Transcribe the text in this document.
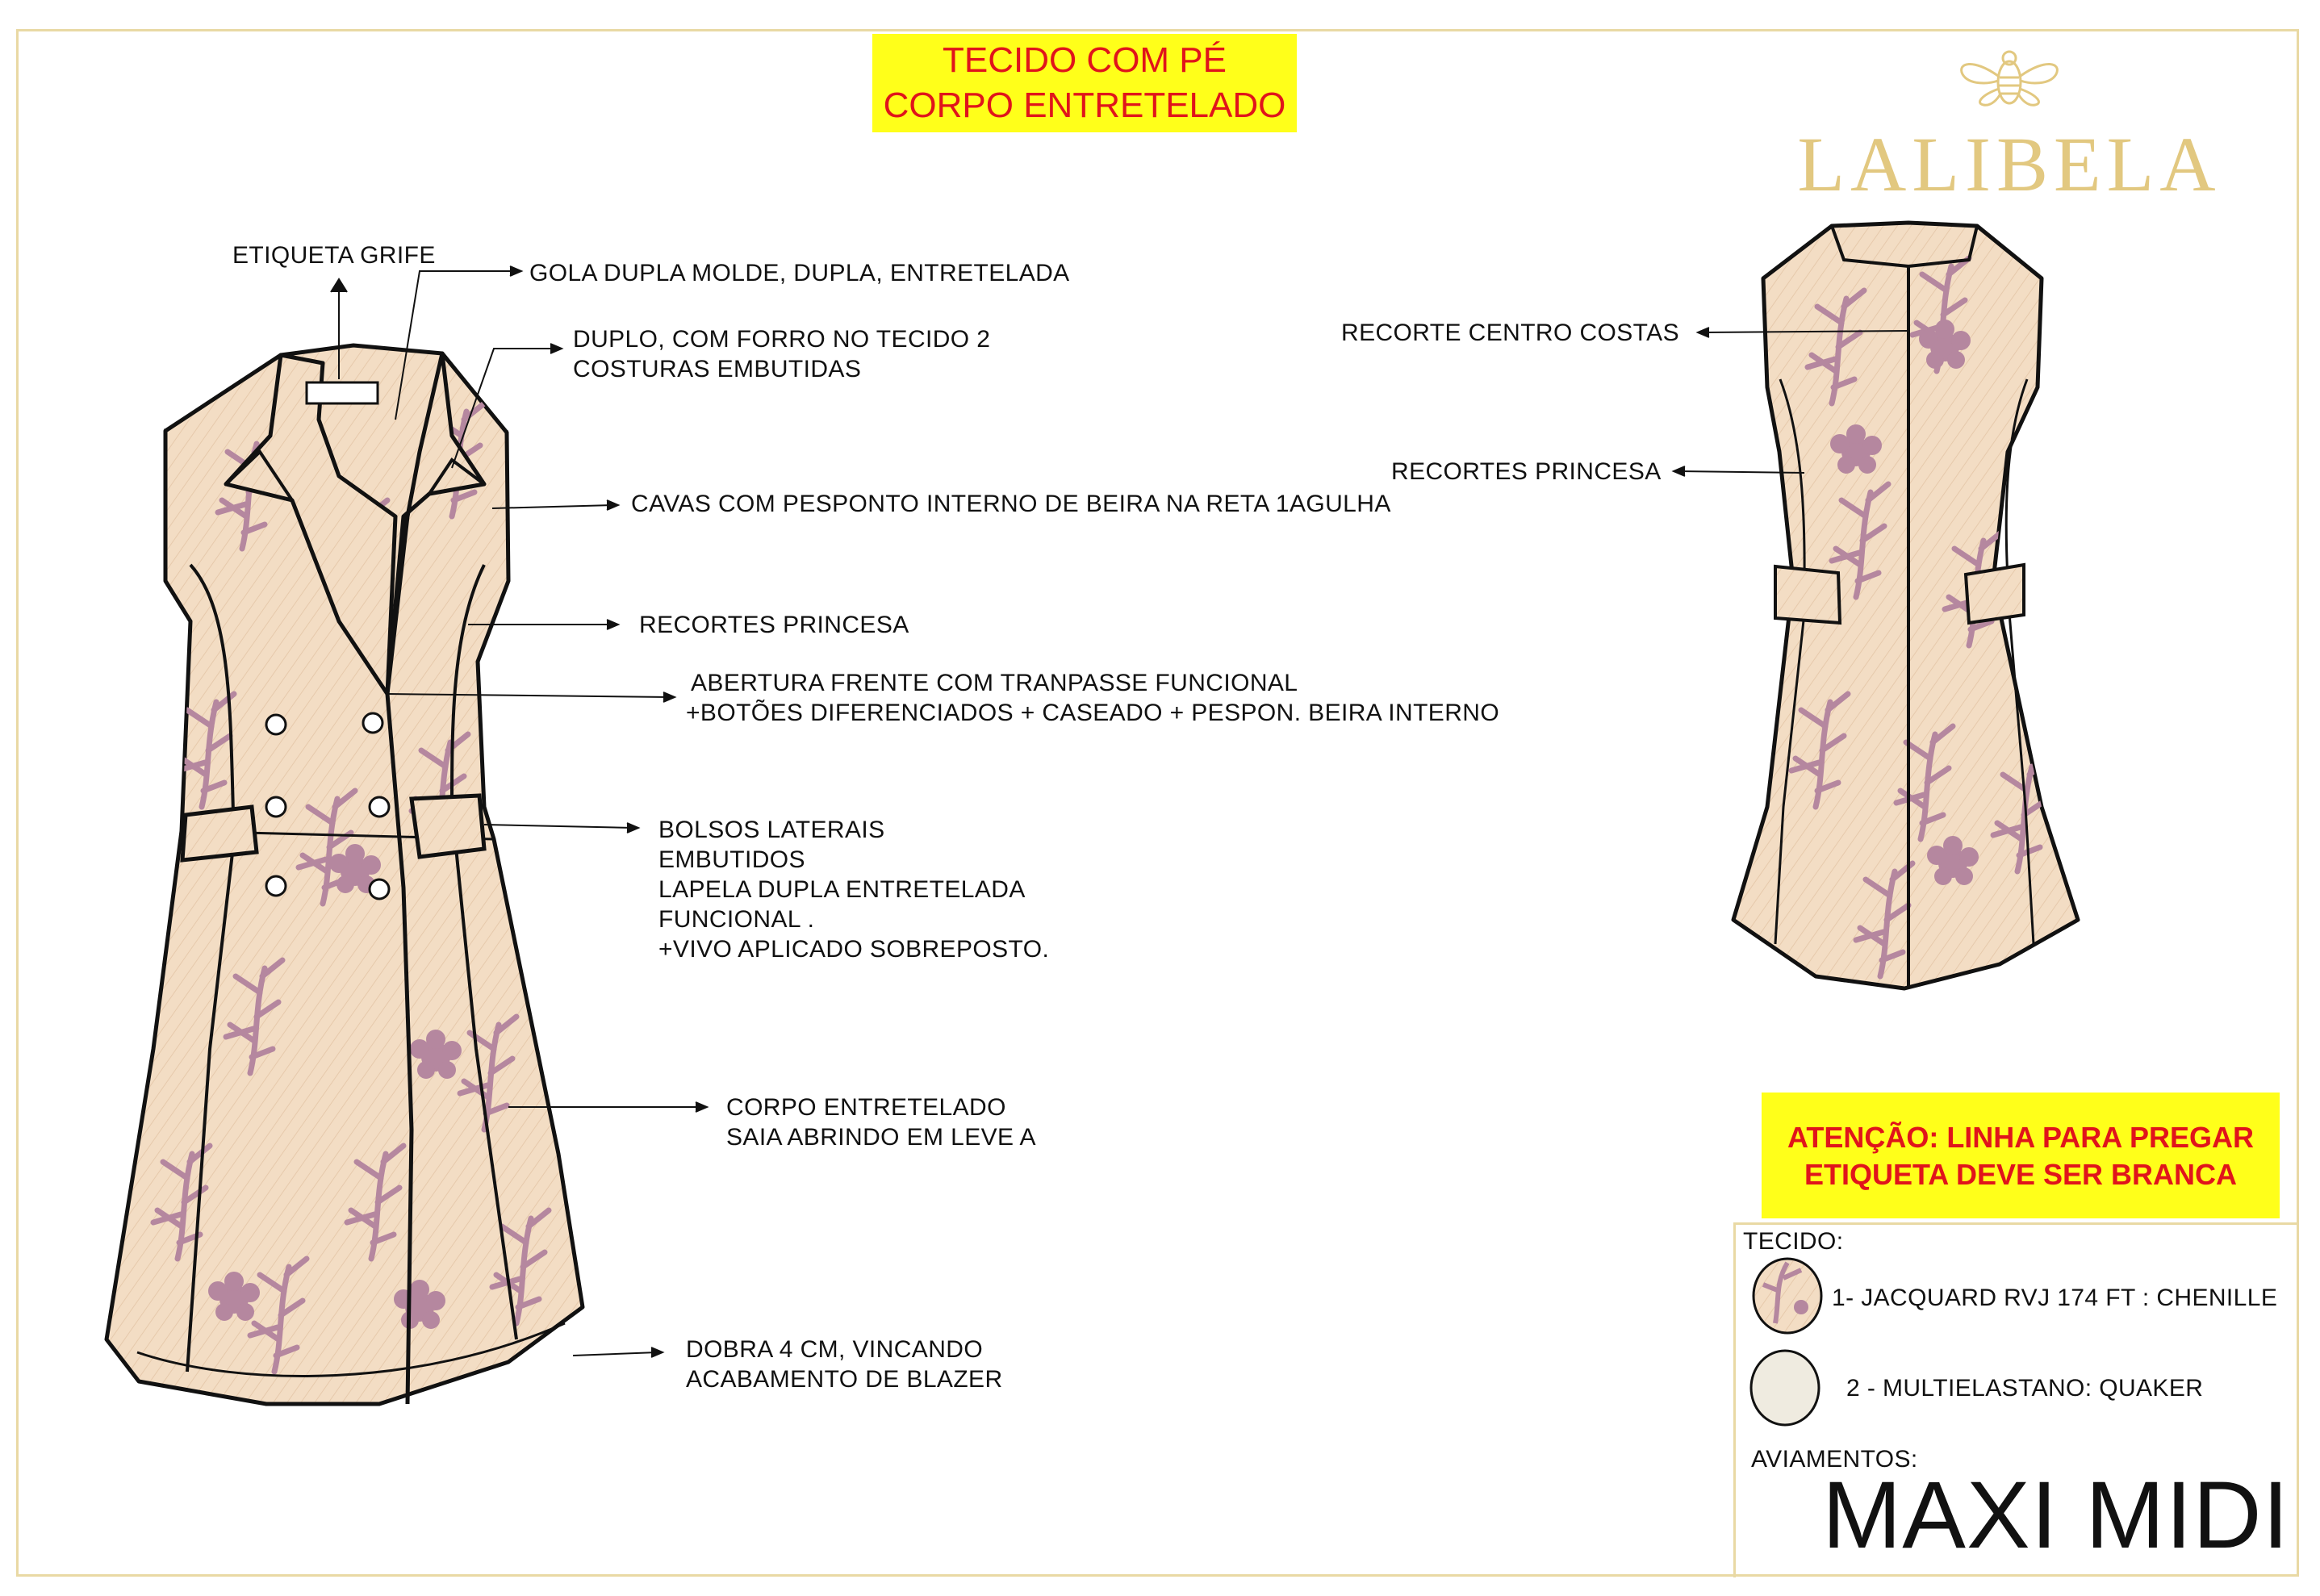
TECIDO COM PÉ
CORPO ENTRETELADO
LALIBELA
ETIQUETA GRIFE
GOLA DUPLA MOLDE, DUPLA, ENTRETELADA
DUPLO, COM FORRO NO TECIDO 2
COSTURAS EMBUTIDAS
CAVAS COM PESPONTO INTERNO DE BEIRA NA RETA 1AGULHA
RECORTES PRINCESA
ABERTURA FRENTE COM TRANPASSE FUNCIONAL
+BOTÕES DIFERENCIADOS + CASEADO + PESPON. BEIRA INTERNO
BOLSOS LATERAIS
EMBUTIDOS
LAPELA DUPLA ENTRETELADA
FUNCIONAL .
+VIVO APLICADO SOBREPOSTO.
CORPO ENTRETELADO
SAIA ABRINDO EM LEVE A
DOBRA 4 CM, VINCANDO
ACABAMENTO DE BLAZER
RECORTE CENTRO COSTAS
RECORTES PRINCESA
ATENÇÃO: LINHA PARA PREGAR
ETIQUETA DEVE SER BRANCA
TECIDO:
1- JACQUARD RVJ 174 FT : CHENILLE
2 - MULTIELASTANO: QUAKER
AVIAMENTOS:
MAXI MIDI
